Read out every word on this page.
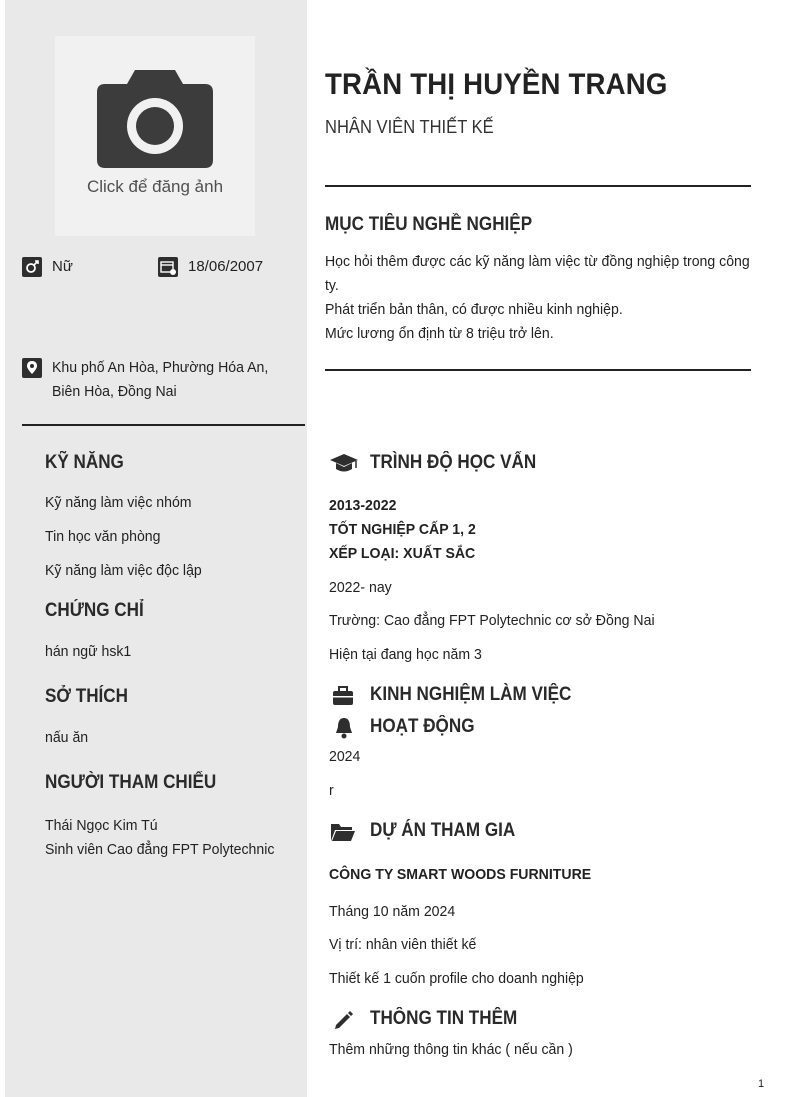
Click để đăng ảnh
Nữ	18/06/2007
Khu phố An Hòa, Phường Hóa An,
Biên Hòa, Đồng Nai
KỸ NĂNG
Kỹ năng làm việc nhóm
Tin học văn phòng
Kỹ năng làm việc độc lập
CHỨNG CHỈ
hán ngữ hsk1
SỞ THÍCH
nấu ăn
NGƯỜI THAM CHIẾU
Thái Ngọc Kim Tú
Sinh viên Cao đẳng FPT Polytechnic
TRẦN THỊ HUYỀN TRANG
NHÂN VIÊN THIẾT KẾ
MỤC TIÊU NGHỀ NGHIỆP
Học hỏi thêm được các kỹ năng làm việc từ đồng nghiệp trong công
ty.
Phát triển bản thân, có được nhiều kinh nghiệp.
Mức lương ổn định từ 8 triệu trở lên.
TRÌNH ĐỘ HỌC VẤN
2013-2022
TỐT NGHIỆP CẤP 1, 2
XẾP LOẠI: XUẤT SẮC
2022- nay
Trường: Cao đẳng FPT Polytechnic cơ sở Đồng Nai
Hiện tại đang học năm 3
KINH NGHIỆM LÀM VIỆC
HOẠT ĐỘNG
2024
r
DỰ ÁN THAM GIA
CÔNG TY SMART WOODS FURNITURE
Tháng 10 năm 2024
Vị trí: nhân viên thiết kế
Thiết kế 1 cuốn profile cho doanh nghiệp
THÔNG TIN THÊM
Thêm những thông tin khác ( nếu cần )
1
